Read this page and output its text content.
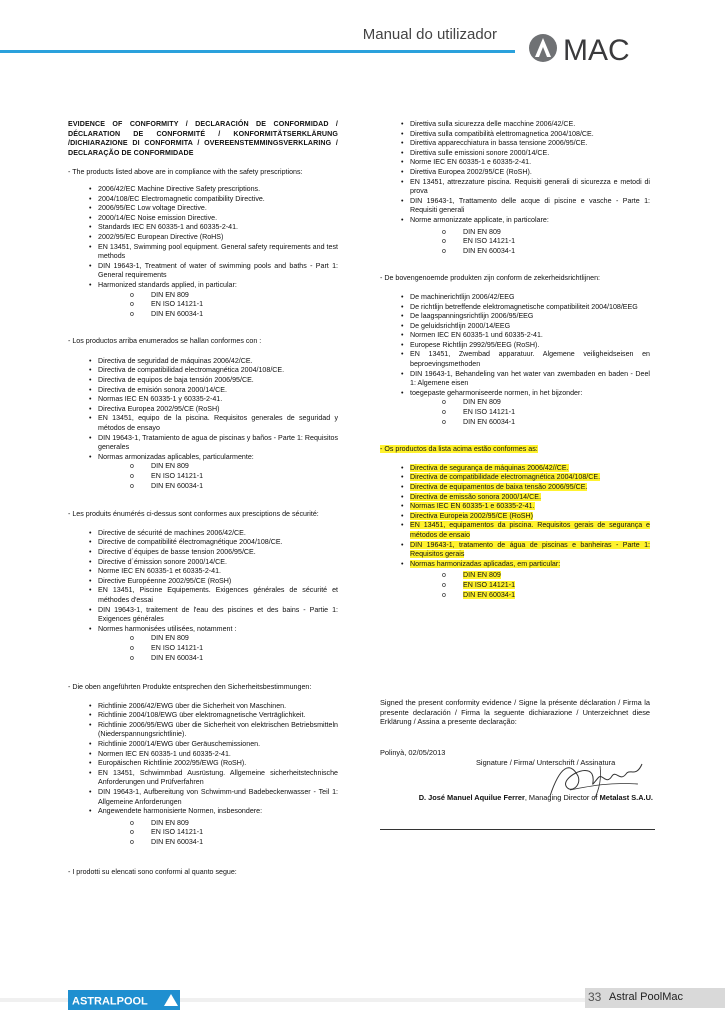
Manual do utilizador MAC

EVIDENCE OF CONFORMITY / DECLARACIÓN DE CONFORMIDAD / DÉCLARATION DE CONFORMITÉ / KONFORMITÄTSERKLÄRUNG /DICHIARAZIONE DI CONFORMITA / OVEREENSTEMMINGSVERKLARING / DECLARAÇÃO DE CONFORMIDADE

- The products listed above are in compliance with the safety prescriptions:

• 2006/42/EC Machine Directive Safety prescriptions.
• 2004/108/EC Electromagnetic compatibility Directive.
• 2006/95/EC Low voltage Directive.
• 2000/14/EC Noise emission Directive.
• Standards IEC EN 60335-1 and 60335-2-41.
• 2002/95/EC European Directive (RoHS)
• EN 13451, Swimming pool equipment. General safety requirements and test methods
• DIN 19643-1, Treatment of water of swimming pools and baths - Part 1: General requirements
• Harmonized standards applied, in particular:
o DIN EN 809
o EN ISO 14121-1
o DIN EN 60034-1

- Los productos arriba enumerados se hallan conformes con :

• Directiva de seguridad de máquinas 2006/42/CE.
• Directiva de compatibilidad electromagnética 2004/108/CE.
• Directiva de equipos de baja tensión 2006/95/CE.
• Directiva de emisión sonora 2000/14/CE.
• Normas IEC EN 60335-1 y 60335-2-41.
• Directiva Europea 2002/95/CE (RoSH)
• EN 13451, equipo de la piscina. Requisitos generales de seguridad y métodos de ensayo
• DIN 19643-1, Tratamiento de agua de piscinas y baños - Parte 1: Requisitos generales
• Normas armonizadas aplicables, particularmente:
o DIN EN 809
o EN ISO 14121-1
o DIN EN 60034-1

- Les produits énumérés ci-dessus sont conformes aux presciptions de sécurité:

• Directive de sécurité de machines 2006/42/CE.
• Directive de compatibilité électromagnétique 2004/108/CE.
• Directive d´équipes de basse tension 2006/95/CE.
• Directive d´émission sonore 2000/14/CE.
• Norme IEC EN 60335-1 et 60335-2-41.
• Directive Européenne 2002/95/CE (RoSH)
• EN 13451, Piscine Equipements. Exigences générales de sécurité et méthodes d'essai
• DIN 19643-1, traitement de l'eau des piscines et des bains - Partie 1: Exigences générales
• Normes harmonisées utilisées, notamment :
o DIN EN 809
o EN ISO 14121-1
o DIN EN 60034-1

- Die oben angeführten Produkte entsprechen den Sicherheitsbestimmungen:

• Richtlinie 2006/42/EWG über die Sicherheit von Maschinen.
• Richtlinie 2004/108/EWG über elektromagnetische Verträglichkeit.
• Richtlinie 2006/95/EWG über die Sicherheit von elektrischen Betriebsmitteln (Niederspannungsrichtlinie).
• Richtlinie 2000/14/EWG über Geräuschemissionen.
• Normen IEC EN 60335-1 und 60335-2-41.
• Europäischen Richtlinie 2002/95/EWG (RoSH).
• EN 13451, Schwimmbad Ausrüstung. Allgemeine sicherheitstechnische Anforderungen und Prüfverfahren
• DIN 19643-1, Aufbereitung von Schwimm-und Badebeckenwasser - Teil 1: Allgemeine Anforderungen
• Angewendete harmonisierte Normen, insbesondere:
o DIN EN 809
o EN ISO 14121-1
o DIN EN 60034-1

- I prodotti su elencati sono conformi al quanto segue:

• Direttiva sulla sicurezza delle macchine 2006/42/CE.
• Direttiva sulla compatibilità elettromagnetica 2004/108/CE.
• Direttiva apparecchiatura in bassa tensione 2006/95/CE.
• Direttiva sulle emissioni sonore 2000/14/CE.
• Norme IEC EN 60335-1 e 60335-2-41.
• Direttiva Europea 2002/95/CE (RoSH).
• EN 13451, attrezzature piscina. Requisiti generali di sicurezza e metodi di prova
• DIN 19643-1, Trattamento delle acque di piscine e vasche - Parte 1: Requisiti generali
• Norme armonizzate applicate, in particolare:
o DIN EN 809
o EN ISO 14121-1
o DIN EN 60034-1

- De bovengenoemde produkten zijn conform de zekerheidsrichtlijnen:

• De machinerichtlijn 2006/42/EEG
• De richtlijn betreffende elektromagnetische compatibiliteit 2004/108/EEG
• De laagspanningsrichtlijn 2006/95/EEG
• De geluidsrichtlijn 2000/14/EEG
• Normen IEC EN 60335-1 und 60335-2-41.
• Europese Richtlijn 2992/95/EEG (RoSH).
• EN 13451, Zwembad apparatuur. Algemene veiligheidseisen en beproevingsmethoden
• DIN 19643-1, Behandeling van het water van zwembaden en baden - Deel 1: Algemene eisen
• toegepaste geharmoniseerde normen, in het bijzonder:
o DIN EN 809
o EN ISO 14121-1
o DIN EN 60034-1

- Os productos da lista acima estão conformes as:

• Directiva de segurança de máquinas 2006/42//CE.
• Directiva de compatibilidade electromagnética 2004/108/CE.
• Directiva de equipamentos de baixa tensão 2006/95/CE.
• Directiva de emissão sonora 2000/14/CE.
• Normas IEC EN 60335-1 e 60335-2-41.
• Directiva Europeia 2002/95/CE (RoSH)
• EN 13451, equipamentos da piscina. Requisitos gerais de segurança e métodos de ensaio
• DIN 19643-1, tratamento de água de piscinas e banheiras - Parte 1: Requisitos gerais
• Normas harmonizadas aplicadas, em particular:
o DIN EN 809
o EN ISO 14121-1
o DIN EN 60034-1
Signed the present conformity evidence / Signe la présente déclaration / Firma la presente declaración / Firma la seguente dichiarazione / Unterzeichnet diese Erklärung / Assina a presente declaração:
Polinyà, 02/05/2013
Signature / Firma/ Unterschrift / Assinatura
D. José Manuel Aquilue Ferrer, Managing Director of Metalast S.A.U.
ASTRALPOOL	33 Astral PoolMac
